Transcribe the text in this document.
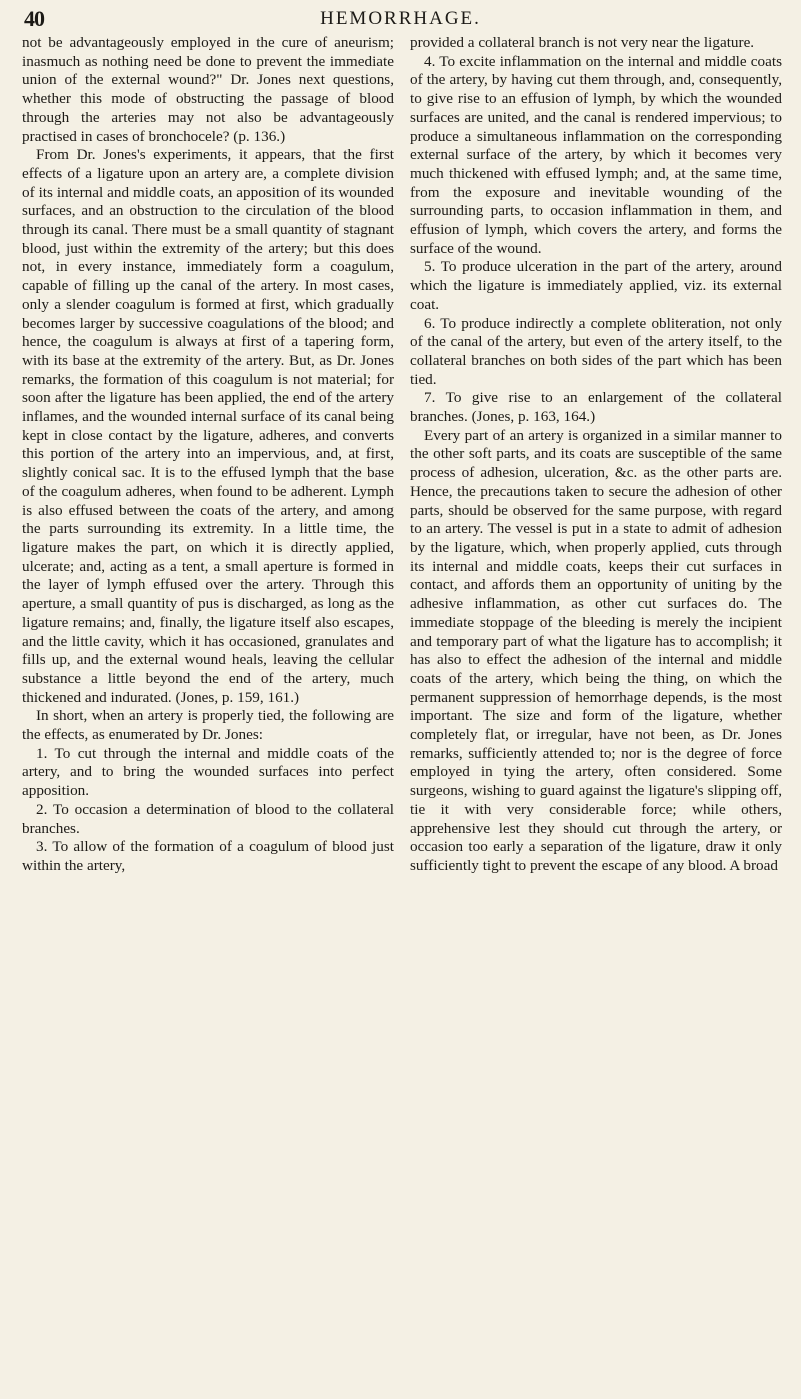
40	HEMORRHAGE.

not be advantageously employed in the cure of aneurism; inasmuch as nothing need be done to prevent the immediate union of the external wound?" Dr. Jones next questions, whether this mode of obstructing the passage of blood through the arteries may not also be advantageously practised in cases of bronchocele? (p. 136.)

From Dr. Jones's experiments, it appears, that the first effects of a ligature upon an artery are, a complete division of its internal and middle coats, an apposition of its wounded surfaces, and an obstruction to the circulation of the blood through its canal. There must be a small quantity of stagnant blood, just within the extremity of the artery; but this does not, in every instance, immediately form a coagulum, capable of filling up the canal of the artery. In most cases, only a slender coagulum is formed at first, which gradually becomes larger by successive coagulations of the blood; and hence, the coagulum is always at first of a tapering form, with its base at the extremity of the artery. But, as Dr. Jones remarks, the formation of this coagulum is not material; for soon after the ligature has been applied, the end of the artery inflames, and the wounded internal surface of its canal being kept in close contact by the ligature, adheres, and converts this portion of the artery into an impervious, and, at first, slightly conical sac. It is to the effused lymph that the base of the coagulum adheres, when found to be adherent. Lymph is also effused between the coats of the artery, and among the parts surrounding its extremity. In a little time, the ligature makes the part, on which it is directly applied, ulcerate; and, acting as a tent, a small aperture is formed in the layer of lymph effused over the artery. Through this aperture, a small quantity of pus is discharged, as long as the ligature remains; and, finally, the ligature itself also escapes, and the little cavity, which it has occasioned, granulates and fills up, and the external wound heals, leaving the cellular substance a little beyond the end of the artery, much thickened and indurated. (Jones, p. 159, 161.)

In short, when an artery is properly tied, the following are the effects, as enumerated by Dr. Jones:

1. To cut through the internal and middle coats of the artery, and to bring the wounded surfaces into perfect apposition.

2. To occasion a determination of blood to the collateral branches.

3. To allow of the formation of a coagulum of blood just within the artery,

provided a collateral branch is not very near the ligature.

4. To excite inflammation on the internal and middle coats of the artery, by having cut them through, and, consequently, to give rise to an effusion of lymph, by which the wounded surfaces are united, and the canal is rendered impervious; to produce a simultaneous inflammation on the corresponding external surface of the artery, by which it becomes very much thickened with effused lymph; and, at the same time, from the exposure and inevitable wounding of the surrounding parts, to occasion inflammation in them, and effusion of lymph, which covers the artery, and forms the surface of the wound.

5. To produce ulceration in the part of the artery, around which the ligature is immediately applied, viz. its external coat.

6. To produce indirectly a complete obliteration, not only of the canal of the artery, but even of the artery itself, to the collateral branches on both sides of the part which has been tied.

7. To give rise to an enlargement of the collateral branches. (Jones, p. 163, 164.)

Every part of an artery is organized in a similar manner to the other soft parts, and its coats are susceptible of the same process of adhesion, ulceration, &c. as the other parts are. Hence, the precautions taken to secure the adhesion of other parts, should be observed for the same purpose, with regard to an artery. The vessel is put in a state to admit of adhesion by the ligature, which, when properly applied, cuts through its internal and middle coats, keeps their cut surfaces in contact, and affords them an opportunity of uniting by the adhesive inflammation, as other cut surfaces do. The immediate stoppage of the bleeding is merely the incipient and temporary part of what the ligature has to accomplish; it has also to effect the adhesion of the internal and middle coats of the artery, which being the thing, on which the permanent suppression of hemorrhage depends, is the most important. The size and form of the ligature, whether completely flat, or irregular, have not been, as Dr. Jones remarks, sufficiently attended to; nor is the degree of force employed in tying the artery, often considered. Some surgeons, wishing to guard against the ligature's slipping off, tie it with very considerable force; while others, apprehensive lest they should cut through the artery, or occasion too early a separation of the ligature, draw it only sufficiently tight to prevent the escape of any blood. A broad
